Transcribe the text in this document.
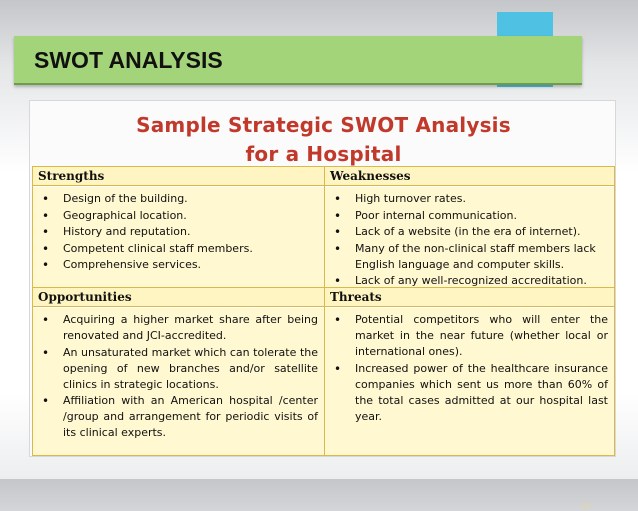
SWOT ANALYSIS
Sample Strategic SWOT Analysis
for a Hospital
Strengths
• Design of the building.
• Geographical location.
• History and reputation.
• Competent clinical staff members.
• Comprehensive services.
Weaknesses
• High turnover rates.
• Poor internal communication.
• Lack of a website (in the era of internet).
• Many of the non-clinical staff members lack English language and computer skills.
• Lack of any well-recognized accreditation.
Opportunities
• Acquiring a higher market share after being renovated and JCI-accredited.
• An unsaturated market which can tolerate the opening of new branches and/or satellite clinics in strategic locations.
• Affiliation with an American hospital /center /group and arrangement for periodic visits of its clinical experts.
Threats
• Potential competitors who will enter the market in the near future (whether local or international ones).
• Increased power of the healthcare insurance companies which sent us more than 60% of the total cases admitted at our hospital last year.
24
